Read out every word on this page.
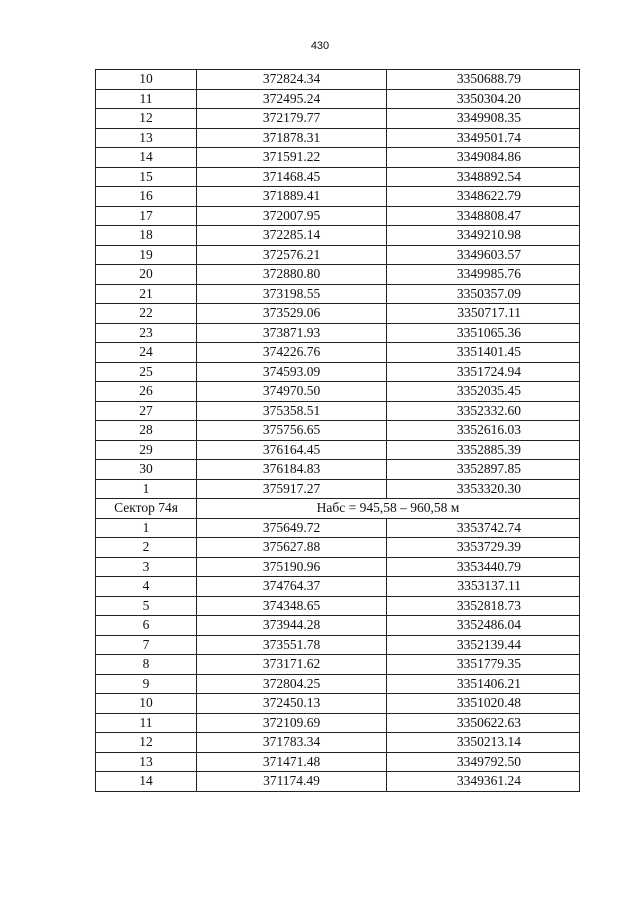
430
10	372824.34	3350688.79
11	372495.24	3350304.20
12	372179.77	3349908.35
13	371878.31	3349501.74
14	371591.22	3349084.86
15	371468.45	3348892.54
16	371889.41	3348622.79
17	372007.95	3348808.47
18	372285.14	3349210.98
19	372576.21	3349603.57
20	372880.80	3349985.76
21	373198.55	3350357.09
22	373529.06	3350717.11
23	373871.93	3351065.36
24	374226.76	3351401.45
25	374593.09	3351724.94
26	374970.50	3352035.45
27	375358.51	3352332.60
28	375756.65	3352616.03
29	376164.45	3352885.39
30	376184.83	3352897.85
1	375917.27	3353320.30
Сектор 74я	Набс = 945,58 – 960,58 м	
1	375649.72	3353742.74
2	375627.88	3353729.39
3	375190.96	3353440.79
4	374764.37	3353137.11
5	374348.65	3352818.73
6	373944.28	3352486.04
7	373551.78	3352139.44
8	373171.62	3351779.35
9	372804.25	3351406.21
10	372450.13	3351020.48
11	372109.69	3350622.63
12	371783.34	3350213.14
13	371471.48	3349792.50
14	371174.49	3349361.24
